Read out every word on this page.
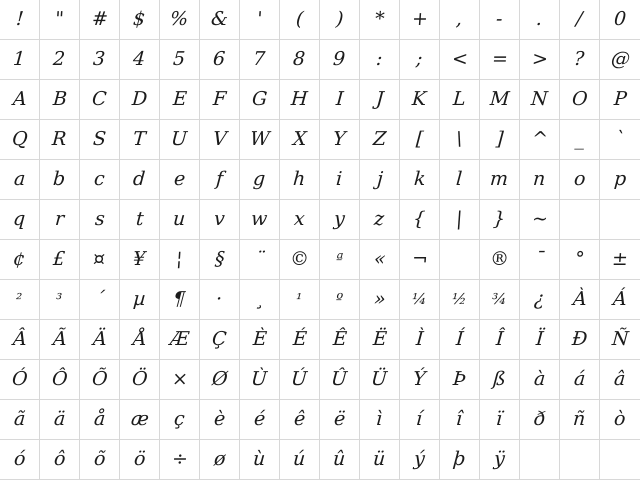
! " # $ % & ' ( ) * + , - . / 0
1 2 3 4 5 6 7 8 9 : ; < = > ? @
A B C D E F G H I J K L M N O P
Q R S T U V W X Y Z [ \ ] ^ _ `
a b c d e f g h i j k l m n o p
q r s t u v w x y z { | } ~

¢ £ ¤ ¥ ¦ § ¨ © ª « ¬  ® ¯ ° ±
² ³ ´ µ ¶ · ¸ ¹ º » ¼ ½ ¾ ¿ À Á
Â Ã Ä Å Æ Ç È É Ê Ë Ì Í Î Ï Ð Ñ
Ó Ô Õ Ö × Ø Ù Ú Û Ü Ý Þ ß à á â
ã ä å æ ç è é ê ë ì í î ï ð ñ ò
ó ô õ ö ÷ ø ù ú û ü ý þ ÿ
